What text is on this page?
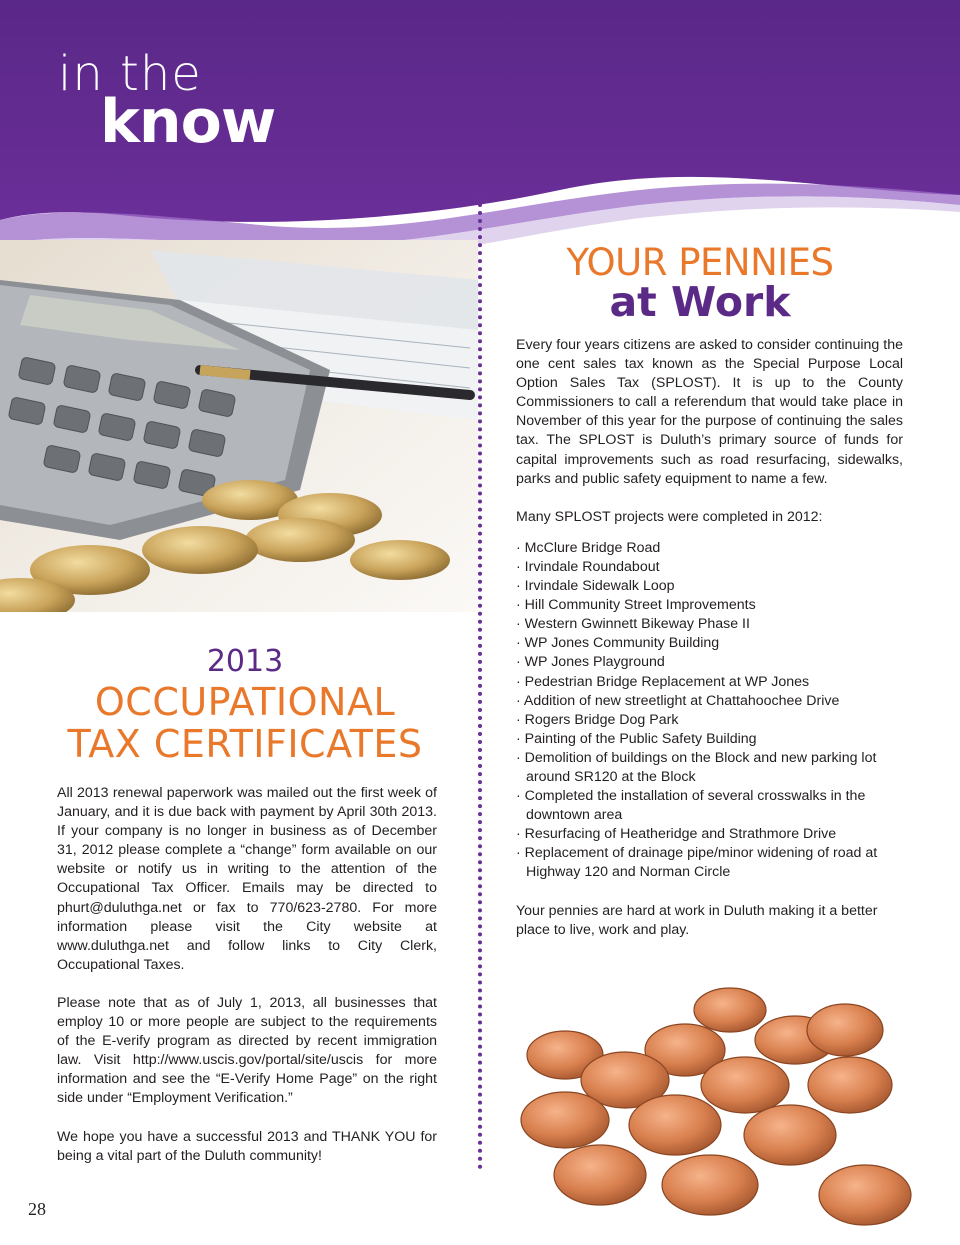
in the
know
2013
OCCUPATIONAL
TAX CERTIFICATES

All 2013 renewal paperwork was mailed out the first week of January, and it is due back with payment by April 30th 2013. If your company is no longer in business as of December 31, 2012 please complete a “change” form available on our website or notify us in writing to the attention of the Occupational Tax Officer. Emails may be directed to phurt@duluthga.net or fax to 770/623-2780. For more information please visit the City website at www.duluthga.net and follow links to City Clerk, Occupational Taxes.

Please note that as of July 1, 2013, all businesses that employ 10 or more people are subject to the requirements of the E-verify program as directed by recent immigration law. Visit http://www.uscis.gov/portal/site/uscis for more information and see the “E-Verify Home Page” on the right side under “Employment Verification.”

We hope you have a successful 2013 and THANK YOU for being a vital part of the Duluth community!

YOUR PENNIES
at Work

Every four years citizens are asked to consider continuing the one cent sales tax known as the Special Purpose Local Option Sales Tax (SPLOST). It is up to the County Commissioners to call a referendum that would take place in November of this year for the purpose of continuing the sales tax. The SPLOST is Duluth’s primary source of funds for capital improvements such as road resurfacing, sidewalks, parks and public safety equipment to name a few.

Many SPLOST projects were completed in 2012:

· McClure Bridge Road
· Irvindale Roundabout
· Irvindale Sidewalk Loop
· Hill Community Street Improvements
· Western Gwinnett Bikeway Phase II
· WP Jones Community Building
· WP Jones Playground
· Pedestrian Bridge Replacement at WP Jones
· Addition of new streetlight at Chattahoochee Drive
· Rogers Bridge Dog Park
· Painting of the Public Safety Building
· Demolition of buildings on the Block and new parking lot around SR120 at the Block
· Completed the installation of several crosswalks in the downtown area
· Resurfacing of Heatheridge and Strathmore Drive
· Replacement of drainage pipe/minor widening of road at Highway 120 and Norman Circle

Your pennies are hard at work in Duluth making it a better place to live, work and play.

28
